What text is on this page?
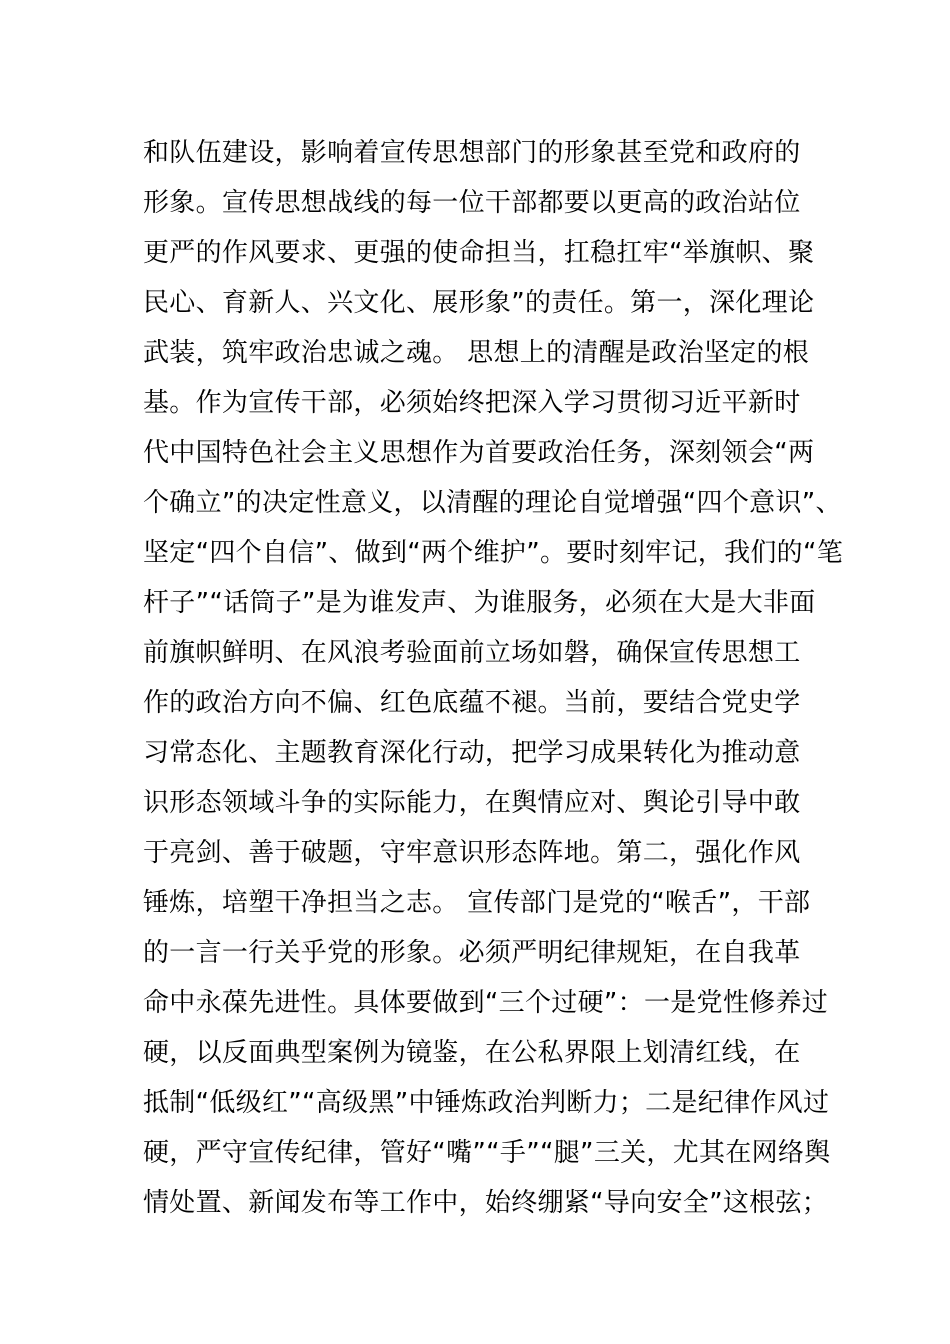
和队伍建设，影响着宣传思想部门的形象甚至党和政府的
形象。宣传思想战线的每一位干部都要以更高的政治站位
更严的作风要求、更强的使命担当，扛稳扛牢“举旗帜、聚
民心、育新人、兴文化、展形象”的责任。第一，深化理论
武装，筑牢政治忠诚之魂。 思想上的清醒是政治坚定的根
基。作为宣传干部，必须始终把深入学习贯彻习近平新时
代中国特色社会主义思想作为首要政治任务，深刻领会“两
个确立”的决定性意义，以清醒的理论自觉增强“四个意识”、
坚定“四个自信”、做到“两个维护”。要时刻牢记，我们的“笔
杆子”“话筒子”是为谁发声、为谁服务，必须在大是大非面
前旗帜鲜明、在风浪考验面前立场如磐，确保宣传思想工
作的政治方向不偏、红色底蕴不褪。当前，要结合党史学
习常态化、主题教育深化行动，把学习成果转化为推动意
识形态领域斗争的实际能力，在舆情应对、舆论引导中敢
于亮剑、善于破题，守牢意识形态阵地。第二，强化作风
锤炼，培塑干净担当之志。 宣传部门是党的“喉舌”，干部
的一言一行关乎党的形象。必须严明纪律规矩，在自我革
命中永葆先进性。具体要做到“三个过硬”：一是党性修养过
硬，以反面典型案例为镜鉴，在公私界限上划清红线，在
抵制“低级红”“高级黑”中锤炼政治判断力；二是纪律作风过
硬，严守宣传纪律，管好“嘴”“手”“腿”三关，尤其在网络舆
情处置、新闻发布等工作中，始终绷紧“导向安全”这根弦；
